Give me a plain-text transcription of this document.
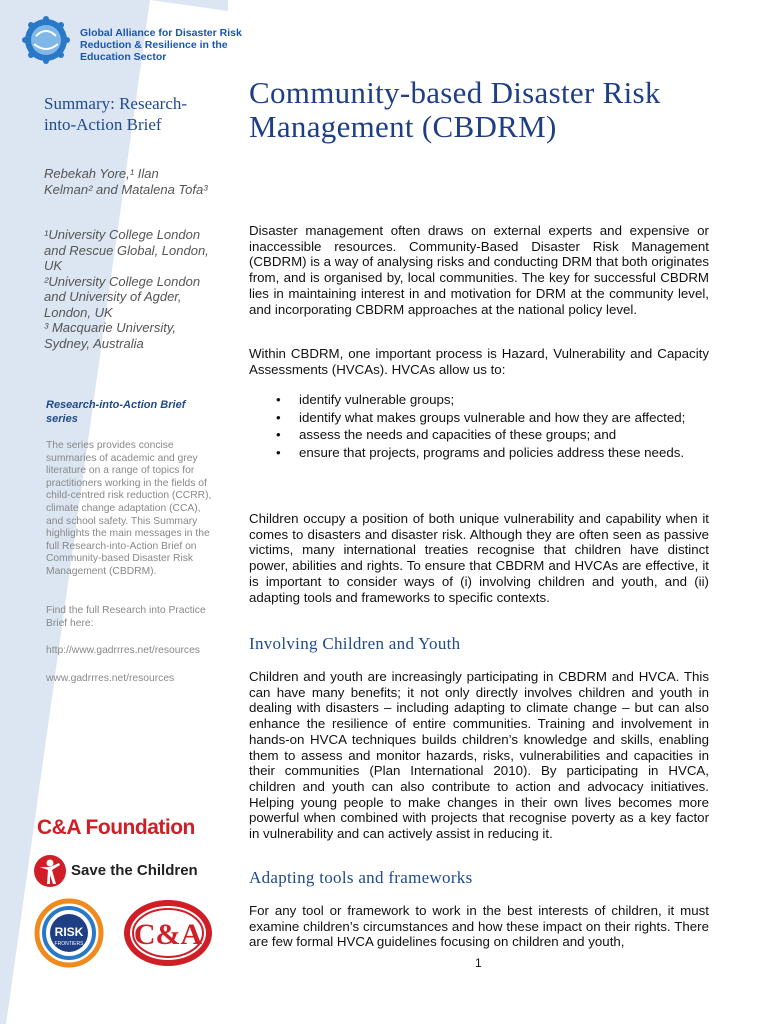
Global Alliance for Disaster Risk Reduction & Resilience in the Education Sector
Summary: Research-into-Action Brief
Rebekah Yore,¹ Ilan Kelman² and Matalena Tofa³
¹University College London and Rescue Global, London, UK
²University College London and University of Agder, London, UK
³ Macquarie University, Sydney, Australia
Research-into-Action Brief series
The series provides concise summaries of academic and grey literature on a range of topics for practitioners working in the fields of child-centred risk reduction (CCRR), climate change adaptation (CCA), and school safety. This Summary highlights the main messages in the full Research-into-Action Brief on Community-based Disaster Risk Management (CBDRM).
Find the full Research into Practice Brief here:
http://www.gadrrres.net/resources
www.gadrrres.net/resources
C&A Foundation
Save the Children
RISK
FRONTIERS C&A
Community-based Disaster Risk Management (CBDRM)
Disaster management often draws on external experts and expensive or inaccessible resources. Community-Based Disaster Risk Management (CBDRM) is a way of analysing risks and conducting DRM that both originates from, and is organised by, local communities. The key for successful CBDRM lies in maintaining interest in and motivation for DRM at the community level, and incorporating CBDRM approaches at the national policy level.
Within CBDRM, one important process is Hazard, Vulnerability and Capacity Assessments (HVCAs). HVCAs allow us to:
• identify vulnerable groups;
• identify what makes groups vulnerable and how they are affected;
• assess the needs and capacities of these groups; and
• ensure that projects, programs and policies address these needs.
Children occupy a position of both unique vulnerability and capability when it comes to disasters and disaster risk. Although they are often seen as passive victims, many international treaties recognise that children have distinct power, abilities and rights. To ensure that CBDRM and HVCAs are effective, it is important to consider ways of (i) involving children and youth, and (ii) adapting tools and frameworks to specific contexts.
Involving Children and Youth
Children and youth are increasingly participating in CBDRM and HVCA. This can have many benefits; it not only directly involves children and youth in dealing with disasters – including adapting to climate change – but can also enhance the resilience of entire communities. Training and involvement in hands-on HVCA techniques builds children’s knowledge and skills, enabling them to assess and monitor hazards, risks, vulnerabilities and capacities in their communities (Plan International 2010). By participating in HVCA, children and youth can also contribute to action and advocacy initiatives. Helping young people to make changes in their own lives becomes more powerful when combined with projects that recognise poverty as a key factor in vulnerability and can actively assist in reducing it.
Adapting tools and frameworks
For any tool or framework to work in the best interests of children, it must examine children’s circumstances and how these impact on their rights. There are few formal HVCA guidelines focusing on children and youth,
1
